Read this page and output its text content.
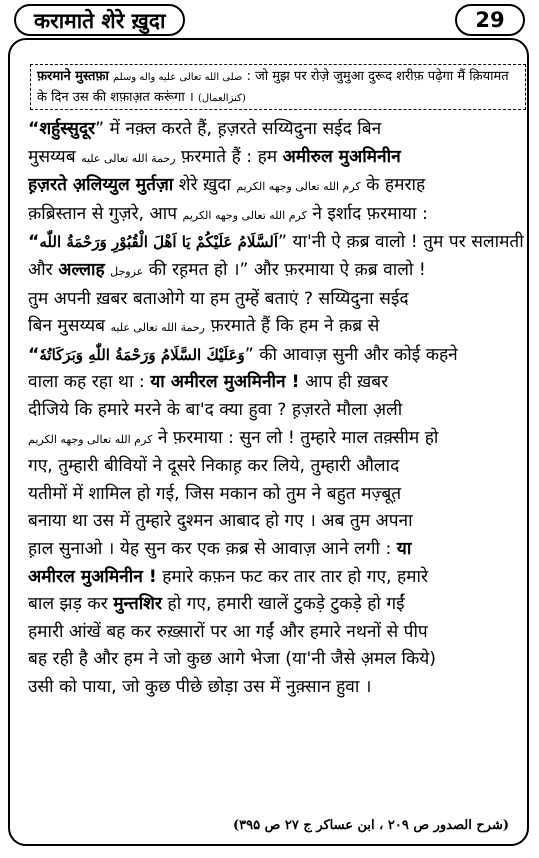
करामाते शेरे ख़ुदा	29
फ़रमाने मुस्तफ़ा صلى الله تعالى عليه واله وسلم : जो मुझ पर रोज़े जुमुआ दुरूद शरीफ़ पढ़ेगा मैं क़ियामत
के दिन उस की शफ़ाअ़त करूंगा । (کنزالعمال)
“शर्हुस्सुदूर” में नक़्ल करते हैं, ह़ज़रते सय्यिदुना सईद बिन
मुसय्यब رحمة الله تعالى عليه फ़रमाते हैं : हम अमीरुल मुअमिनीन
ह़ज़रते अ़लिय्युल मुर्तज़ा शेरे ख़ुदा كرم الله تعالى وجهه الكريم के हमराह
क़ब्रिस्तान से गुज़रे, आप كرم الله تعالى وجهه الكريم ने इर्शाद फ़रमाया :
“اَلسَّلَامُ عَلَيْكُمْ يَا اَهْلَ الْقُبُوْرِ وَرَحْمَةُ اللّٰه” या'नी ऐ क़ब्र वालो ! तुम पर सलामती
और अल्लाह عزوجل की रह़मत हो ।” और फ़रमाया ऐ क़ब्र वालो !
तुम अपनी ख़बर बताओगे या हम तुम्हें बताएं ? सय्यिदुना सईद
बिन मुसय्यब رحمة الله تعالى عليه फ़रमाते हैं कि हम ने क़ब्र से
“وَعَلَيْكَ السَّلَامُ وَرَحْمَةُ اللّٰهِ وَبَرَكَاتُهٗ” की आवाज़ सुनी और कोई कहने
वाला कह रहा था : या अमीरल मुअमिनीन ! आप ही ख़बर
दीजिये कि हमारे मरने के बा'द क्या हुवा ? ह़ज़रते मौला अ़ली
كرم الله تعالى وجهه الكريم ने फ़रमाया : सुन लो ! तुम्हारे माल तक़्सीम हो
गए, तुम्हारी बीवियों ने दूसरे निकाह़ कर लिये, तुम्हारी औलाद
यतीमों में शामिल हो गई, जिस मकान को तुम ने बहुत मज़्बूत़
बनाया था उस में तुम्हारे दुश्मन आबाद हो गए । अब तुम अपना
ह़ाल सुनाओ । येह सुन कर एक क़ब्र से आवाज़ आने लगी : या
अमीरल मुअमिनीन ! हमारे कफ़न फट कर तार तार हो गए, हमारे
बाल झड़ कर मुन्तशिर हो गए, हमारी खालें टुकड़े टुकड़े हो गईं
हमारी आंखें बह कर रुख़्सारों पर आ गईं और हमारे नथनों से पीप
बह रही है और हम ने जो कुछ आगे भेजा (या'नी जैसे अ़मल किये)
उसी को पाया, जो कुछ पीछे छोड़ा उस में नुक़्सान हुवा ।
(شرح الصدور ص ۲۰۹ ، ابن عساکر ج ۲۷ ص ۳۹۵)
